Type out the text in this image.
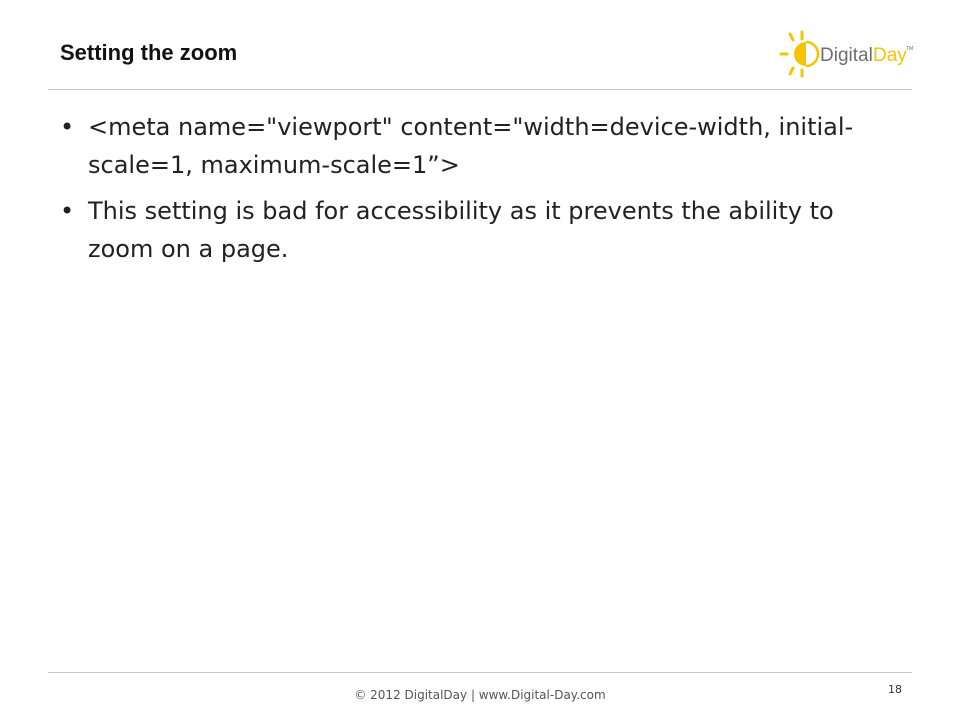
Setting the zoom	Digital Day TM
• <meta name="viewport" content="width=device-width, initial-scale=1, maximum-scale=1”>
• This setting is bad for accessibility as it prevents the ability to zoom on a page.
© 2012 DigitalDay | www.Digital-Day.com	18
